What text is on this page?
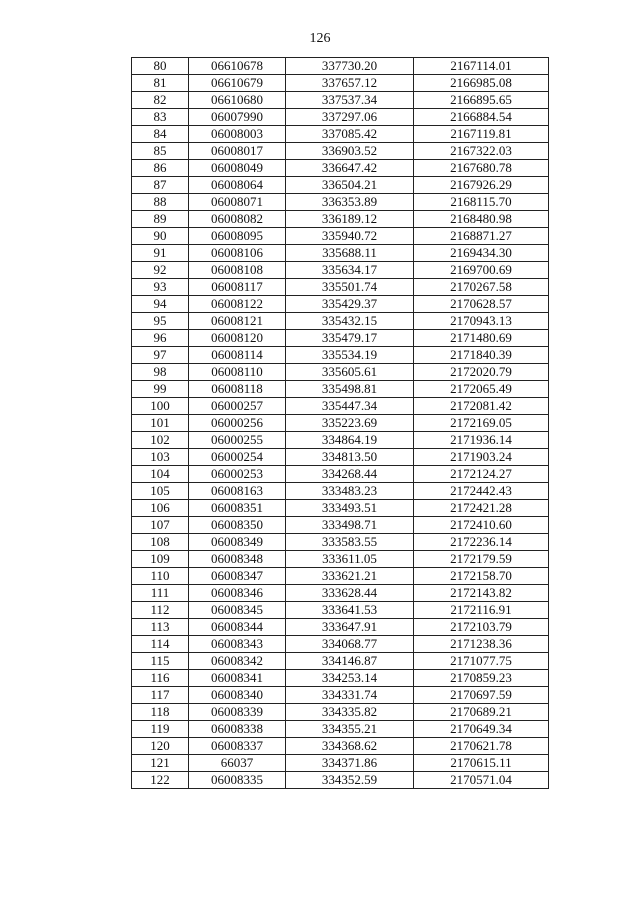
126
80	06610678	337730.20	2167114.01
81	06610679	337657.12	2166985.08
82	06610680	337537.34	2166895.65
83	06007990	337297.06	2166884.54
84	06008003	337085.42	2167119.81
85	06008017	336903.52	2167322.03
86	06008049	336647.42	2167680.78
87	06008064	336504.21	2167926.29
88	06008071	336353.89	2168115.70
89	06008082	336189.12	2168480.98
90	06008095	335940.72	2168871.27
91	06008106	335688.11	2169434.30
92	06008108	335634.17	2169700.69
93	06008117	335501.74	2170267.58
94	06008122	335429.37	2170628.57
95	06008121	335432.15	2170943.13
96	06008120	335479.17	2171480.69
97	06008114	335534.19	2171840.39
98	06008110	335605.61	2172020.79
99	06008118	335498.81	2172065.49
100	06000257	335447.34	2172081.42
101	06000256	335223.69	2172169.05
102	06000255	334864.19	2171936.14
103	06000254	334813.50	2171903.24
104	06000253	334268.44	2172124.27
105	06008163	333483.23	2172442.43
106	06008351	333493.51	2172421.28
107	06008350	333498.71	2172410.60
108	06008349	333583.55	2172236.14
109	06008348	333611.05	2172179.59
110	06008347	333621.21	2172158.70
111	06008346	333628.44	2172143.82
112	06008345	333641.53	2172116.91
113	06008344	333647.91	2172103.79
114	06008343	334068.77	2171238.36
115	06008342	334146.87	2171077.75
116	06008341	334253.14	2170859.23
117	06008340	334331.74	2170697.59
118	06008339	334335.82	2170689.21
119	06008338	334355.21	2170649.34
120	06008337	334368.62	2170621.78
121	66037	334371.86	2170615.11
122	06008335	334352.59	2170571.04
